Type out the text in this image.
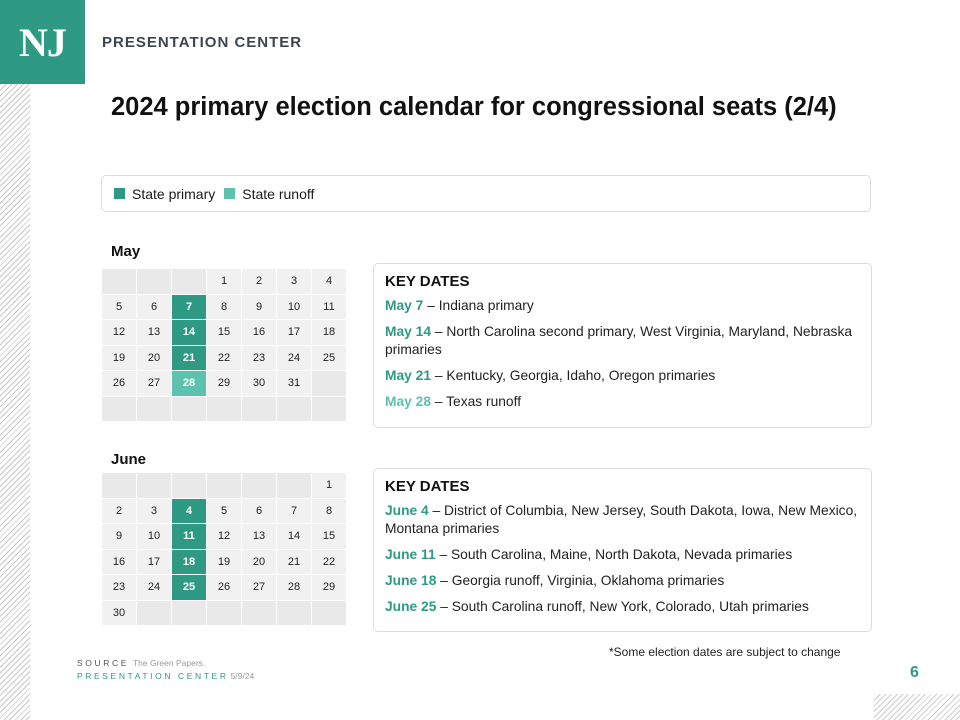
NJ PRESENTATION CENTER
2024 primary election calendar for congressional seats (2/4)
State primary State runoff
May
			1	2	3	4
5	6	7	8	9	10	11
12	13	14	15	16	17	18
19	20	21	22	23	24	25
26	27	28	29	30	31	

KEY DATES
May 7 – Indiana primary
May 14 – North Carolina second primary, West Virginia, Maryland, Nebraska primaries
May 21 – Kentucky, Georgia, Idaho, Oregon primaries
May 28 – Texas runoff
June
						1
2	3	4	5	6	7	8
9	10	11	12	13	14	15
16	17	18	19	20	21	22
23	24	25	26	27	28	29
30						
KEY DATES
June 4 – District of Columbia, New Jersey, South Dakota, Iowa, New Mexico, Montana primaries
June 11 – South Carolina, Maine, North Dakota, Nevada primaries
June 18 – Georgia runoff, Virginia, Oklahoma primaries
June 25 – South Carolina runoff, New York, Colorado, Utah primaries
*Some election dates are subject to change
SOURCE The Green Papers.
PRESENTATION CENTER 5/9/24	6
